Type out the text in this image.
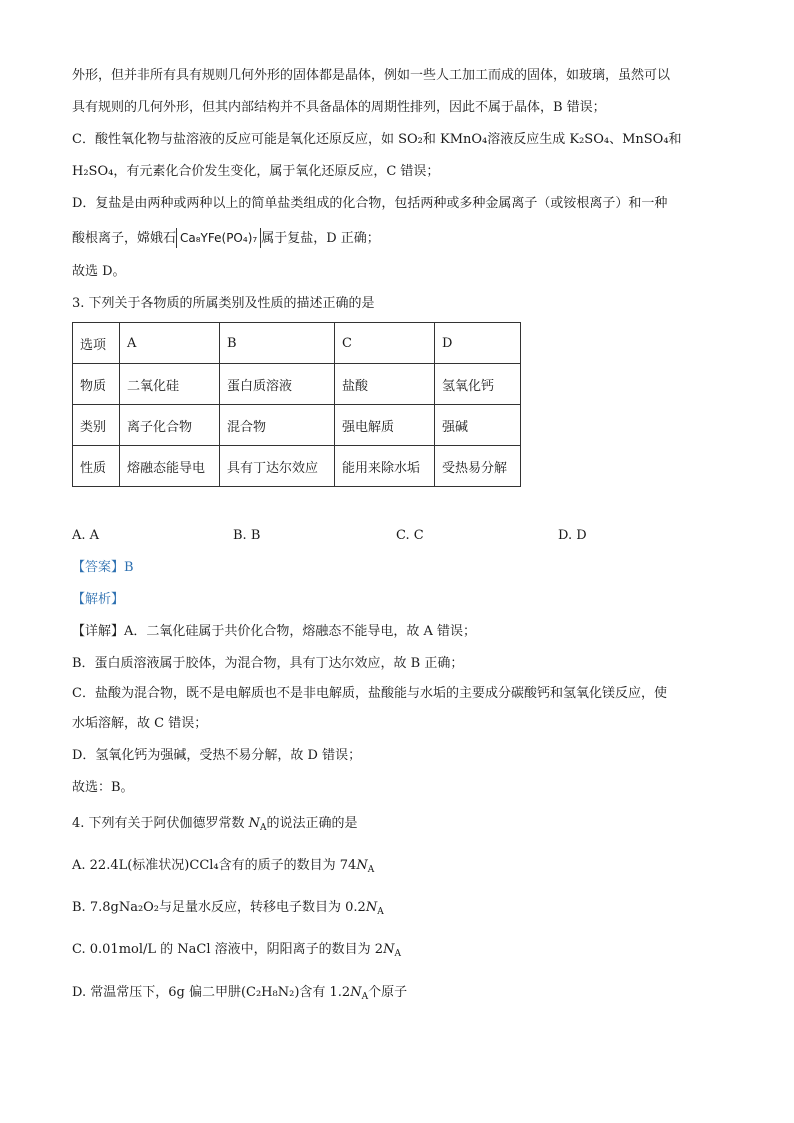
外形，但并非所有具有规则几何外形的固体都是晶体，例如一些人工加工而成的固体，如玻璃，虽然可以
具有规则的几何外形，但其内部结构并不具备晶体的周期性排列，因此不属于晶体，B 错误；
C．酸性氧化物与盐溶液的反应可能是氧化还原反应，如 SO₂和 KMnO₄溶液反应生成 K₂SO₄、MnSO₄和
H₂SO₄，有元素化合价发生变化，属于氧化还原反应，C 错误；
D．复盐是由两种或两种以上的简单盐类组成的化合物，包括两种或多种金属离子（或铵根离子）和一种
酸根离子，嫦娥石 Ca₈YFe(PO₄)₇ 属于复盐，D 正确；
故选 D。
3. 下列关于各物质的所属类别及性质的描述正确的是
选项	A	B	C	D
物质	二氧化硅	蛋白质溶液	盐酸	氢氧化钙
类别	离子化合物	混合物	强电解质	强碱
性质	熔融态能导电	具有丁达尔效应	能用来除水垢	受热易分解
A. A	B. B	C. C	D. D
【答案】B
【解析】
【详解】A．二氧化硅属于共价化合物，熔融态不能导电，故 A 错误；
B．蛋白质溶液属于胶体，为混合物，具有丁达尔效应，故 B 正确；
C．盐酸为混合物，既不是电解质也不是非电解质，盐酸能与水垢的主要成分碳酸钙和氢氧化镁反应，使
水垢溶解，故 C 错误；
D．氢氧化钙为强碱，受热不易分解，故 D 错误；
故选：B。
4. 下列有关于阿伏伽德罗常数 $N_A$的说法正确的是
A. 22.4L(标准状况)CCl₄含有的质子的数目为 $74N_A$
B. 7.8gNa₂O₂与足量水反应，转移电子数目为 $0.2N_A$
C. 0.01mol/L 的 NaCl 溶液中，阴阳离子的数目为 $2N_A$
D. 常温常压下，6g 偏二甲肼(C₂H₈N₂)含有 $1.2N_A$个原子
